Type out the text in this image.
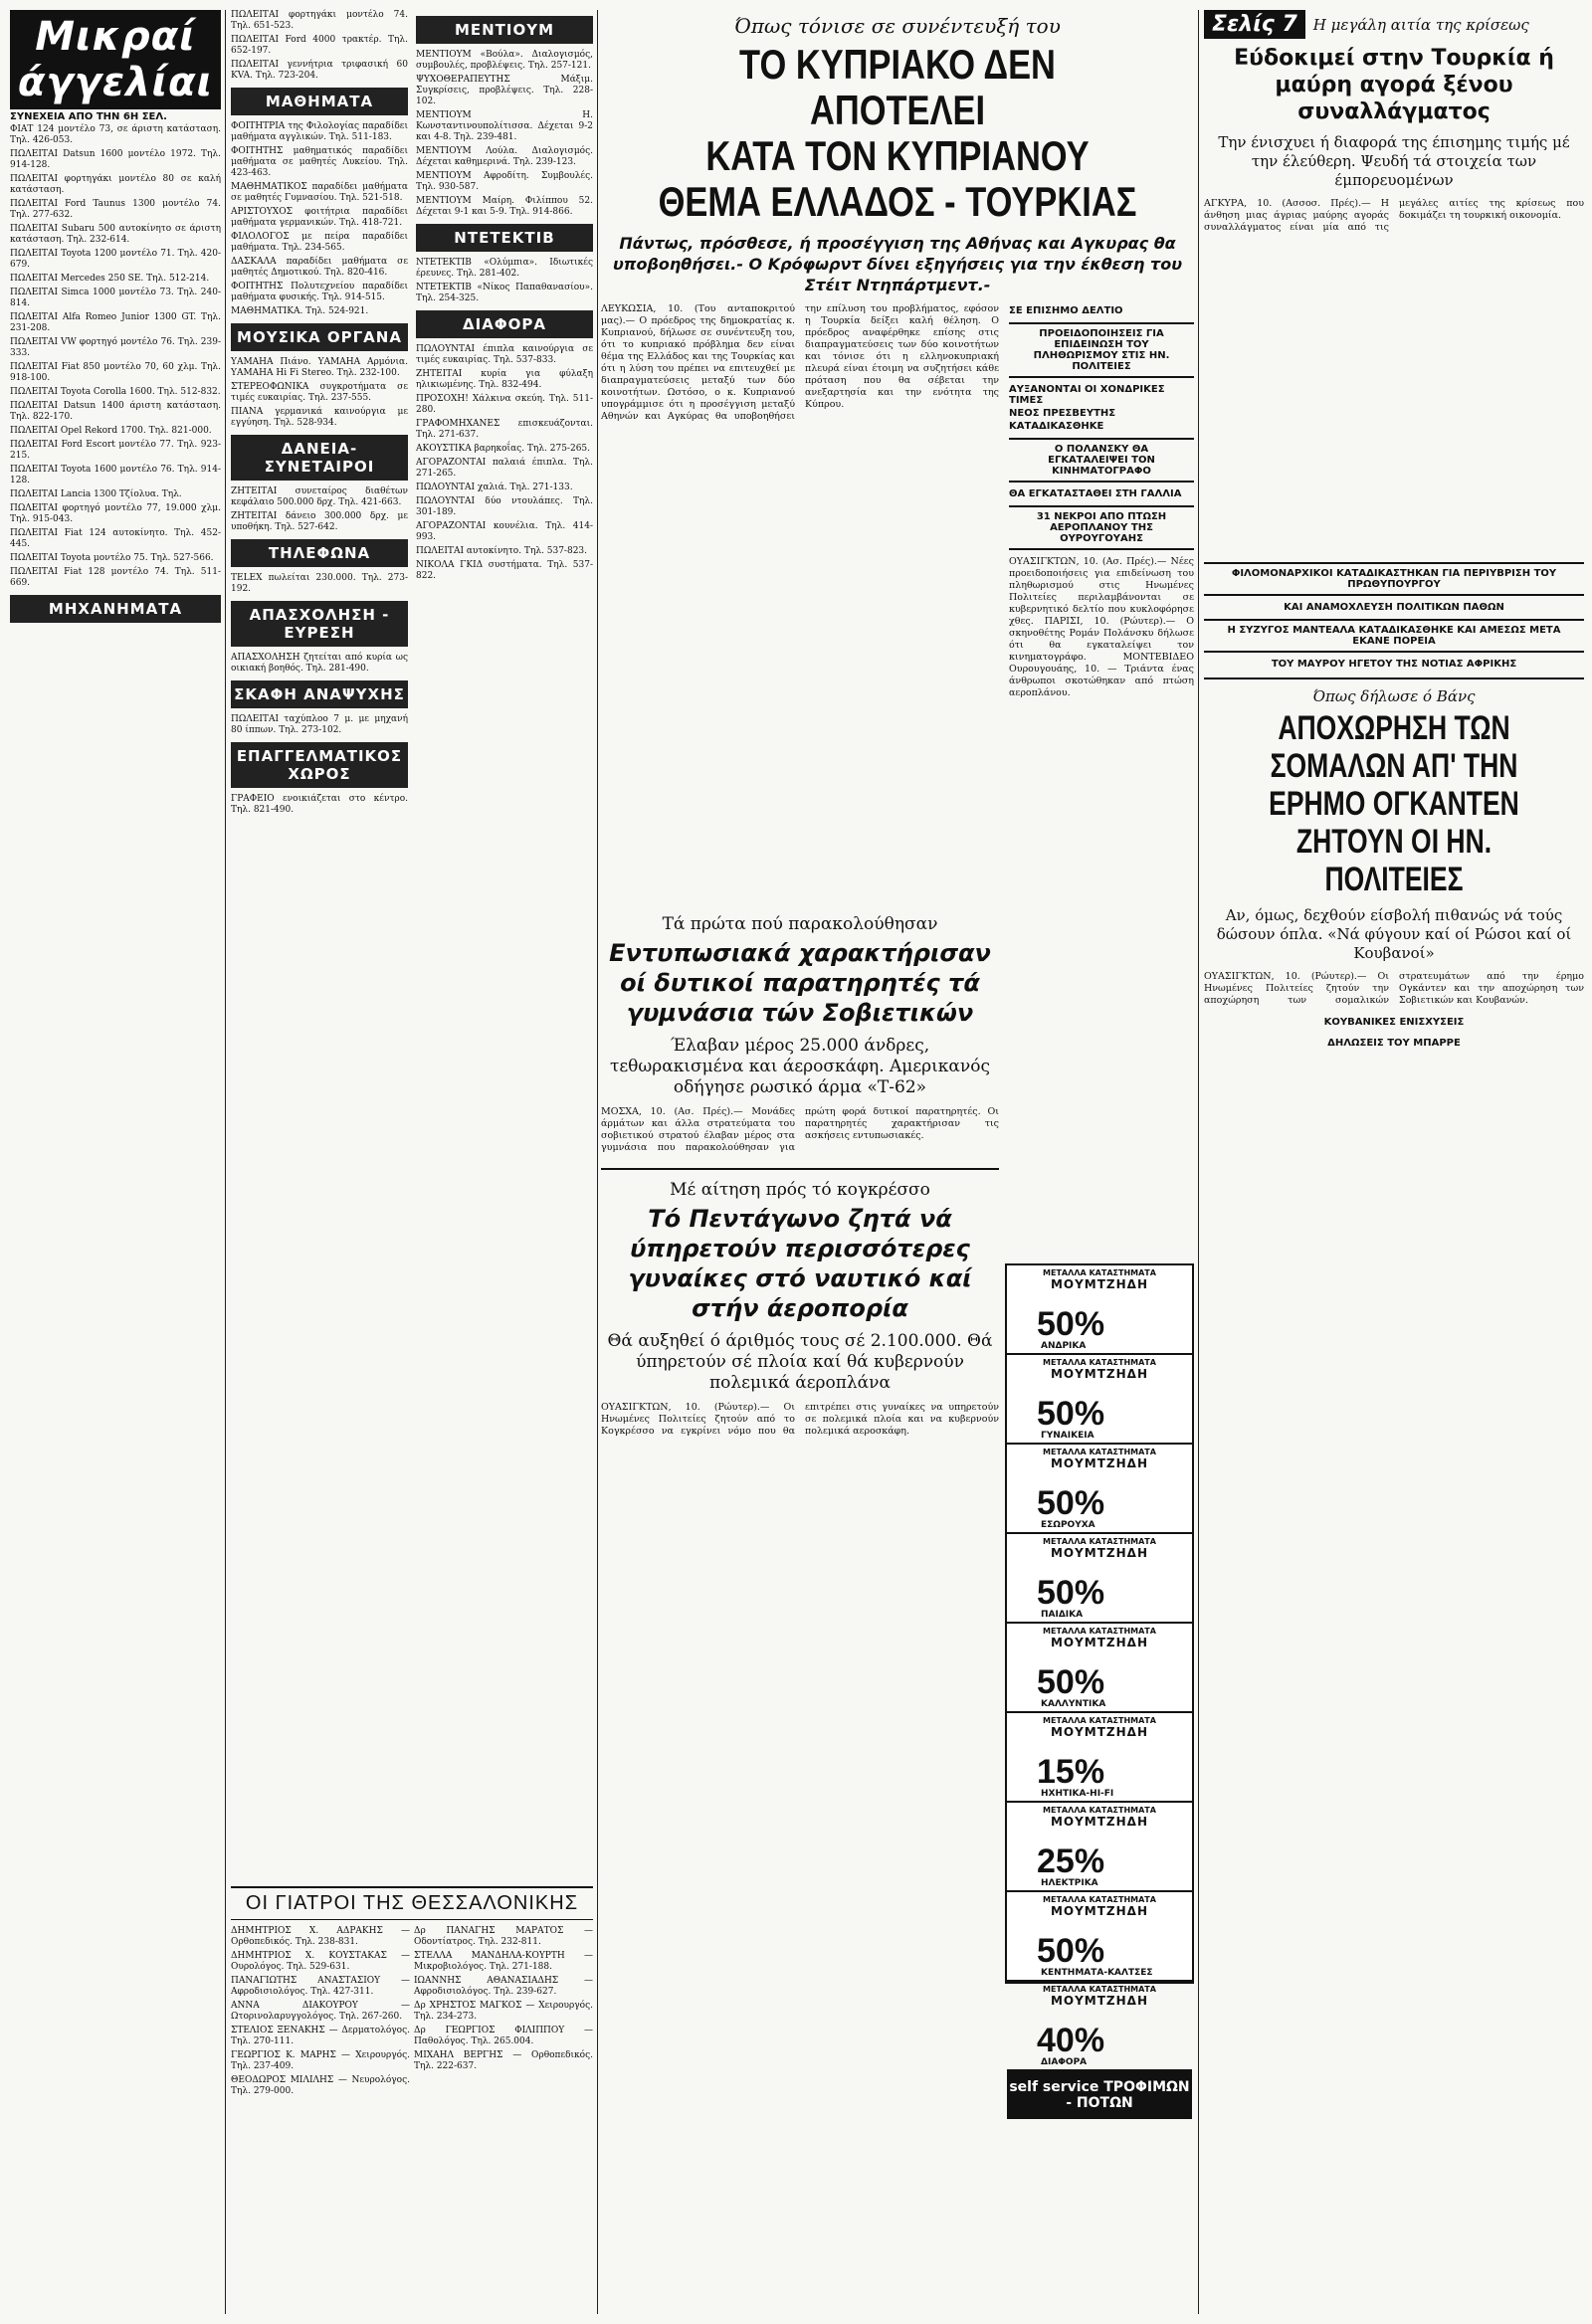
Μικραί άγγελίαι
ΣΥΝΕΧΕΙΑ ΑΠΟ ΤΗΝ 6Η ΣΕΛ.

ΦΙΑΤ 124 μοντέλο 73, σε άριστη κατάσταση. Τηλ. 426-053.

ΠΩΛΕΙΤΑΙ Datsun 1600 μοντέλο 1972. Τηλ. 914-128.

ΠΩΛΕΙΤΑΙ φορτηγάκι μοντέλο 80 σε καλή κατάσταση.

ΠΩΛΕΙΤΑΙ Ford Taunus 1300 μοντέλο 74. Τηλ. 277-632.

ΠΩΛΕΙΤΑΙ Subaru 500 αυτοκίνητο σε άριστη κατάσταση. Τηλ. 232-614.

ΠΩΛΕΙΤΑΙ Toyota 1200 μοντέλο 71. Τηλ. 420-679.

ΠΩΛΕΙΤΑΙ Mercedes 250 SE. Τηλ. 512-214.

ΠΩΛΕΙΤΑΙ Simca 1000 μοντέλο 73. Τηλ. 240-814.

ΠΩΛΕΙΤΑΙ Alfa Romeo Junior 1300 GT. Τηλ. 231-208.

ΠΩΛΕΙΤΑΙ VW φορτηγό μοντέλο 76. Τηλ. 239-333.

ΠΩΛΕΙΤΑΙ Fiat 850 μοντέλο 70, 60 χλμ. Τηλ. 918-100.

ΠΩΛΕΙΤΑΙ Toyota Corolla 1600. Τηλ. 512-832.

ΠΩΛΕΙΤΑΙ Datsun 1400 άριστη κατάσταση. Τηλ. 822-170.

ΠΩΛΕΙΤΑΙ Opel Rekord 1700. Τηλ. 821-000.

ΠΩΛΕΙΤΑΙ Ford Escort μοντέλο 77. Τηλ. 923-215.

ΠΩΛΕΙΤΑΙ Toyota 1600 μοντέλο 76. Τηλ. 914-128.

ΠΩΛΕΙΤΑΙ Lancia 1300 Τζίολυα. Τηλ.

ΠΩΛΕΙΤΑΙ φορτηγό μοντέλο 77, 19.000 χλμ. Τηλ. 915-043.

ΠΩΛΕΙΤΑΙ Fiat 124 αυτοκίνητο. Τηλ. 452-445.

ΠΩΛΕΙΤΑΙ Toyota μοντέλο 75. Τηλ. 527-566.

ΠΩΛΕΙΤΑΙ Fiat 128 μοντέλο 74. Τηλ. 511-669.

ΜΗΧΑΝΗΜΑΤΑ

ΠΩΛΕΙΤΑΙ φορτηγάκι μοντέλο 74. Τηλ. 651-523.

ΠΩΛΕΙΤΑΙ Ford 4000 τρακτέρ. Τηλ. 652-197.

ΠΩΛΕΙΤΑΙ γεννήτρια τριφασική 60 KVA. Τηλ. 723-204.

ΜΑΘΗΜΑΤΑ

ΦΟΙΤΗΤΡΙΑ της Φιλολογίας παραδίδει μαθήματα αγγλικών. Τηλ. 511-183.

ΦΟΙΤΗΤΗΣ μαθηματικός παραδίδει μαθήματα σε μαθητές Λυκείου. Τηλ. 423-463.

ΜΑΘΗΜΑΤΙΚΟΣ παραδίδει μαθήματα σε μαθητές Γυμνασίου. Τηλ. 521-518.

ΑΡΙΣΤΟΥΧΟΣ φοιτήτρια παραδίδει μαθήματα γερμανικών. Τηλ. 418-721.

ΦΙΛΟΛΟΓΟΣ με πείρα παραδίδει μαθήματα. Τηλ. 234-565.

ΔΑΣΚΑΛΑ παραδίδει μαθήματα σε μαθητές Δημοτικού. Τηλ. 820-416.

ΦΟΙΤΗΤΗΣ Πολυτεχνείου παραδίδει μαθήματα φυσικής. Τηλ. 914-515.

ΜΑΘΗΜΑΤΙΚΑ. Τηλ. 524-921.

ΜΟΥΣΙΚΑ ΟΡΓΑΝΑ

ΥΑΜΑΗΑ Πιάνο. ΥΑΜΑΗΑ Αρμόνια. ΥΑΜΑΗΑ Hi Fi Stereo. Τηλ. 232-100.

ΣΤΕΡΕΟΦΩΝΙΚΑ συγκροτήματα σε τιμές ευκαιρίας. Τηλ. 237-555.

ΠΙΑΝΑ γερμανικά καινούργια με εγγύηση. Τηλ. 528-934.

ΔΑΝΕΙΑ-ΣΥΝΕΤΑΙΡΟΙ

ΖΗΤΕΙΤΑΙ συνεταίρος διαθέτων κεφάλαιο 500.000 δρχ. Τηλ. 421-663.

ΖΗΤΕΙΤΑΙ δάνειο 300.000 δρχ. με υποθήκη. Τηλ. 527-642.

ΤΗΛΕΦΩΝΑ

TELEX πωλείται 230.000. Τηλ. 273-192.

ΑΠΑΣΧΟΛΗΣΗ - ΕΥΡΕΣΗ

ΑΠΑΣΧΟΛΗΣΗ ζητείται από κυρία ως οικιακή βοηθός. Τηλ. 281-490.

ΣΚΑΦΗ ΑΝΑΨΥΧΗΣ

ΠΩΛΕΙΤΑΙ ταχύπλοο 7 μ. με μηχανή 80 ίππων. Τηλ. 273-102.

ΕΠΑΓΓΕΛΜΑΤΙΚΟΣ ΧΩΡΟΣ

ΓΡΑΦΕΙΟ ενοικιάζεται στο κέντρο. Τηλ. 821-490.

ΜΕΝΤΙΟΥΜ

ΜΕΝΤΙΟΥΜ «Βούλα». Διαλογισμός, συμβουλές, προβλέψεις. Τηλ. 257-121.

ΨΥΧΟΘΕΡΑΠΕΥΤΗΣ Μάξιμ. Συγκρίσεις, προβλέψεις. Τηλ. 228-102.

ΜΕΝΤΙΟΥΜ Η. Κωνσταντινουπολίτισσα. Δέχεται 9-2 και 4-8. Τηλ. 239-481.

ΜΕΝΤΙΟΥΜ Λούλα. Διαλογισμός. Δέχεται καθημερινά. Τηλ. 239-123.

ΜΕΝΤΙΟΥΜ Αφροδίτη. Συμβουλές. Τηλ. 930-587.

ΜΕΝΤΙΟΥΜ Μαίρη. Φιλίππου 52. Δέχεται 9-1 και 5-9. Τηλ. 914-866.

ΝΤΕΤΕΚΤΙΒ

ΝΤΕΤΕΚΤΙΒ «Ολύμπια». Ιδιωτικές έρευνες. Τηλ. 281-402.

ΝΤΕΤΕΚΤΙΒ «Νίκος Παπαθανασίου». Τηλ. 254-325.

ΔΙΑΦΟΡΑ

ΠΩΛΟΥΝΤΑΙ έπιπλα καινούργια σε τιμές ευκαιρίας. Τηλ. 537-833.

ΖΗΤΕΙΤΑΙ κυρία για φύλαξη ηλικιωμένης. Τηλ. 832-494.

ΠΡΟΣΟΧΗ! Χάλκινα σκεύη. Τηλ. 511-280.

ΓΡΑΦΟΜΗΧΑΝΕΣ επισκευάζονται. Τηλ. 271-637.

ΑΚΟΥΣΤΙΚΑ βαρηκοΐας. Τηλ. 275-265.

ΑΓΟΡΑΖΟΝΤΑΙ παλαιά έπιπλα. Τηλ. 271-265.

ΠΩΛΟΥΝΤΑΙ χαλιά. Τηλ. 271-133.

ΠΩΛΟΥΝΤΑΙ δύο ντουλάπες. Τηλ. 301-189.

ΑΓΟΡΑΖΟΝΤΑΙ κουνέλια. Τηλ. 414-993.

ΠΩΛΕΙΤΑΙ αυτοκίνητο. Τηλ. 537-823.

ΝΙΚΟΛΑ ΓΚΙΔ συστήματα. Τηλ. 537-822.

ΟΙ ΓΙΑΤΡΟΙ ΤΗΣ ΘΕΣΣΑΛΟΝΙΚΗΣ

ΔΗΜΗΤΡΙΟΣ Χ. ΑΔΡΑΚΗΣ — Ορθοπεδικός. Τηλ. 238-831.

ΔΗΜΗΤΡΙΟΣ Χ. ΚΟΥΣΤΑΚΑΣ — Ουρολόγος. Τηλ. 529-631.

ΠΑΝΑΓΙΩΤΗΣ ΑΝΑΣΤΑΣΙΟΥ — Αφροδισιολόγος. Τηλ. 427-311.

ΑΝΝΑ ΔΙΑΚΟΥΡΟΥ — Ωτορινολαρυγγολόγος. Τηλ. 267-260.

ΣΤΕΛΙΟΣ ΞΕΝΑΚΗΣ — Δερματολόγος. Τηλ. 270-111.

ΓΕΩΡΓΙΟΣ Κ. ΜΑΡΗΣ — Χειρουργός. Τηλ. 237-409.

ΘΕΟΔΩΡΟΣ ΜΙΛΙΛΗΣ — Νευρολόγος. Τηλ. 279-000.

Δρ ΠΑΝΑΓΗΣ ΜΑΡΑΤΟΣ — Οδοντίατρος. Τηλ. 232-811.

ΣΤΕΛΛΑ ΜΑΝΔΗΛΑ-ΚΟΥΡΤΗ — Μικροβιολόγος. Τηλ. 271-188.

ΙΩΑΝΝΗΣ ΑΘΑΝΑΣΙΑΔΗΣ — Αφροδισιολόγος. Τηλ. 239-627.

Δρ ΧΡΗΣΤΟΣ ΜΑΓΚΟΣ — Χειρουργός. Τηλ. 234-273.

Δρ ΓΕΩΡΓΙΟΣ ΦΙΛΙΠΠΟΥ — Παθολόγος. Τηλ. 265.004.

ΜΙΧΑΗΛ ΒΕΡΓΗΣ — Ορθοπεδικός. Τηλ. 222-637.

Όπως τόνισε σε συνέντευξή του
ΤΟ ΚΥΠΡΙΑΚΟ ΔΕΝ ΑΠΟΤΕΛΕΙ
ΚΑΤΑ ΤΟΝ ΚΥΠΡΙΑΝΟΥ
ΘΕΜΑ ΕΛΛΑΔΟΣ - ΤΟΥΡΚΙΑΣ
Πάντως, πρόσθεσε, ή προσέγγιση της Αθήνας και Αγκυρας θα υποβοηθήσει.- Ο Κρόφωρντ δίνει εξηγήσεις για την έκθεση του Στέιτ Ντηπάρτμεντ.-
ΛΕΥΚΩΣΙΑ, 10. (Του ανταποκριτού μας).— Ο πρόεδρος της δημοκρατίας κ. Κυπριανού, δήλωσε σε συνέντευξη του, ότι το κυπριακό πρόβλημα δεν είναι θέμα της Ελλάδος και της Τουρκίας και ότι η λύση του πρέπει να επιτευχθεί με διαπραγματεύσεις μεταξύ των δύο κοινοτήτων. Ωστόσο, ο κ. Κυπριανού υπογράμμισε ότι η προσέγγιση μεταξύ Αθηνών και Αγκύρας θα υποβοηθήσει την επίλυση του προβλήματος, εφόσον η Τουρκία δείξει καλή θέληση. Ο πρόεδρος αναφέρθηκε επίσης στις διαπραγματεύσεις των δύο κοινοτήτων και τόνισε ότι η ελληνοκυπριακή πλευρά είναι έτοιμη να συζητήσει κάθε πρόταση που θα σέβεται την ανεξαρτησία και την ενότητα της Κύπρου.
ΣΕ ΕΠΙΣΗΜΟ ΔΕΛΤΙΟ
ΠΡΟΕΙΔΟΠΟΙΗΣΕΙΣ ΓΙΑ ΕΠΙΔΕΙΝΩΣΗ ΤΟΥ ΠΛΗΘΩΡΙΣΜΟΥ ΣΤΙΣ ΗΝ. ΠΟΛΙΤΕΙΕΣ
ΑΥΞΑΝΟΝΤΑΙ ΟΙ ΧΟΝΔΡΙΚΕΣ ΤΙΜΕΣ
ΝΕΟΣ ΠΡΕΣΒΕΥΤΗΣ
ΚΑΤΑΔΙΚΑΣΘΗΚΕ
Ο ΠΟΛΑΝΣΚΥ ΘΑ ΕΓΚΑΤΑΛΕΙΨΕΙ ΤΟΝ ΚΙΝΗΜΑΤΟΓΡΑΦΟ
ΘΑ ΕΓΚΑΤΑΣΤΑΘΕΙ ΣΤΗ ΓΑΛΛΙΑ
31 ΝΕΚΡΟΙ ΑΠΟ ΠΤΩΣΗ ΑΕΡΟΠΛΑΝΟΥ ΤΗΣ ΟΥΡΟΥΓΟΥΑΗΣ
ΟΥΑΣΙΓΚΤΩΝ, 10. (Ασ. Πρές).— Νέες προειδοποιήσεις για επιδείνωση του πληθωρισμού στις Ηνωμένες Πολιτείες περιλαμβάνονται σε κυβερνητικό δελτίο που κυκλοφόρησε χθες. ΠΑΡΙΣΙ, 10. (Ρώυτερ).— Ο σκηνοθέτης Ρομάν Πολάνσκυ δήλωσε ότι θα εγκαταλείψει τον κινηματογράφο. ΜΟΝΤΕΒΙΔΕΟ Ουρουγουάης, 10. — Τριάντα ένας άνθρωποι σκοτώθηκαν από πτώση αεροπλάνου.
Τά πρώτα πού παρακολούθησαν
Εντυπωσιακά χαρακτήρισαν οί δυτικοί παρατηρητές τά γυμνάσια τών Σοβιετικών
Έλαβαν μέρος 25.000 άνδρες, τεθωρακισμένα και άεροσκάφη. Αμερικανός οδήγησε ρωσικό άρμα «Τ-62»
ΜΟΣΧΑ, 10. (Ασ. Πρές).— Μονάδες άρμάτων και άλλα στρατεύματα του σοβιετικού στρατού έλαβαν μέρος στα γυμνάσια που παρακολούθησαν για πρώτη φορά δυτικοί παρατηρητές. Οι παρατηρητές χαρακτήρισαν τις ασκήσεις εντυπωσιακές.
Μέ αίτηση πρός τό κογκρέσσο
Τό Πεντάγωνο ζητά νά ύπηρετούν περισσότερες γυναίκες στό ναυτικό καί στήν άεροπορία
Θά αυξηθεί ό άριθμός τους σέ 2.100.000. Θά ύπηρετούν σέ πλοία καί θά κυβερνούν πολεμικά άεροπλάνα
ΟΥΑΣΙΓΚΤΩΝ, 10. (Ρώυτερ).— Οι Ηνωμένες Πολιτείες ζητούν από το Κογκρέσσο να εγκρίνει νόμο που θα επιτρέπει στις γυναίκες να υπηρετούν σε πολεμικά πλοία και να κυβερνούν πολεμικά αεροσκάφη.
ΜΕΤΑΛΛΑ ΚΑΤΑΣΤΗΜΑΤΑ
ΜΟΥΜΤΖΗΔΗ
50%
ΑΝΔΡΙΚΑ
ΜΕΤΑΛΛΑ ΚΑΤΑΣΤΗΜΑΤΑ
ΜΟΥΜΤΖΗΔΗ
50%
ΓΥΝΑΙΚΕΙΑ
ΜΕΤΑΛΛΑ ΚΑΤΑΣΤΗΜΑΤΑ
ΜΟΥΜΤΖΗΔΗ
50%
ΕΣΩΡΟΥΧΑ
ΜΕΤΑΛΛΑ ΚΑΤΑΣΤΗΜΑΤΑ
ΜΟΥΜΤΖΗΔΗ
50%
ΠΑΙΔΙΚΑ
ΜΕΤΑΛΛΑ ΚΑΤΑΣΤΗΜΑΤΑ
ΜΟΥΜΤΖΗΔΗ
50%
ΚΑΛΛΥΝΤΙΚΑ
ΜΕΤΑΛΛΑ ΚΑΤΑΣΤΗΜΑΤΑ
ΜΟΥΜΤΖΗΔΗ
15%
ΗΧΗΤΙΚΑ-ΗΙ-FI
ΜΕΤΑΛΛΑ ΚΑΤΑΣΤΗΜΑΤΑ
ΜΟΥΜΤΖΗΔΗ
25%
ΗΛΕΚΤΡΙΚΑ
ΜΕΤΑΛΛΑ ΚΑΤΑΣΤΗΜΑΤΑ
ΜΟΥΜΤΖΗΔΗ
50%
ΚΕΝΤΗΜΑΤΑ-ΚΑΛΤΣΕΣ
ΜΕΤΑΛΛΑ ΚΑΤΑΣΤΗΜΑΤΑ
ΜΟΥΜΤΖΗΔΗ
40%
ΔΙΑΦΟΡΑ
self service ΤΡΟΦΙΜΩΝ - ΠΟΤΩΝ
Σελίς 7	Η μεγάλη αιτία της κρίσεως
Εύδοκιμεί στην Τουρκία ή μαύρη αγορά ξένου συναλλάγματος
Την ένισχυει ή διαφορά της έπισημης τιμής μέ την έλεύθερη. Ψευδή τά στοιχεία των έμπορευομένων
ΑΓΚΥΡΑ, 10. (Ασσοσ. Πρές).— Η άνθηση μιας άγριας μαύρης αγοράς συναλλάγματος είναι μία από τις μεγάλες αιτίες της κρίσεως που δοκιμάζει τη τουρκική οικονομία.
ΦΙΛΟΜΟΝΑΡΧΙΚΟΙ ΚΑΤΑΔΙΚΑΣΤΗΚΑΝ ΓΙΑ ΠΕΡΙΥΒΡΙΣΗ ΤΟΥ ΠΡΩΘΥΠΟΥΡΓΟΥ
ΚΑΙ ΑΝΑΜΟΧΛΕΥΣΗ ΠΟΛΙΤΙΚΩΝ ΠΑΘΩΝ
Η ΣΥΖΥΓΟΣ ΜΑΝΤΕΑΛΑ ΚΑΤΑΔΙΚΑΣΘΗΚΕ ΚΑΙ ΑΜΕΣΩΣ ΜΕΤΑ ΕΚΑΝΕ ΠΟΡΕΙΑ
ΤΟΥ ΜΑΥΡΟΥ ΗΓΕΤΟΥ ΤΗΣ ΝΟΤΙΑΣ ΑΦΡΙΚΗΣ
Όπως δήλωσε ό Βάνς
ΑΠΟΧΩΡΗΣΗ ΤΩΝ ΣΟΜΑΛΩΝ ΑΠ' ΤΗΝ ΕΡΗΜΟ ΟΓΚΑΝΤΕΝ ΖΗΤΟΥΝ ΟΙ ΗΝ. ΠΟΛΙΤΕΙΕΣ
Αν, όμως, δεχθούν είσβολή πιθανώς νά τούς δώσουν όπλα. «Νά φύγουν καί οί Ρώσοι καί οί Κουβανοί»
ΟΥΑΣΙΓΚΤΩΝ, 10. (Ρώυτερ).— Οι Ηνωμένες Πολιτείες ζητούν την αποχώρηση των σομαλικών στρατευμάτων από την έρημο Ογκάντεν και την αποχώρηση των Σοβιετικών και Κουβανών.
ΚΟΥΒΑΝΙΚΕΣ ΕΝΙΣΧΥΣΕΙΣ
ΔΗΛΩΣΕΙΣ ΤΟΥ ΜΠΑΡΡΕ
